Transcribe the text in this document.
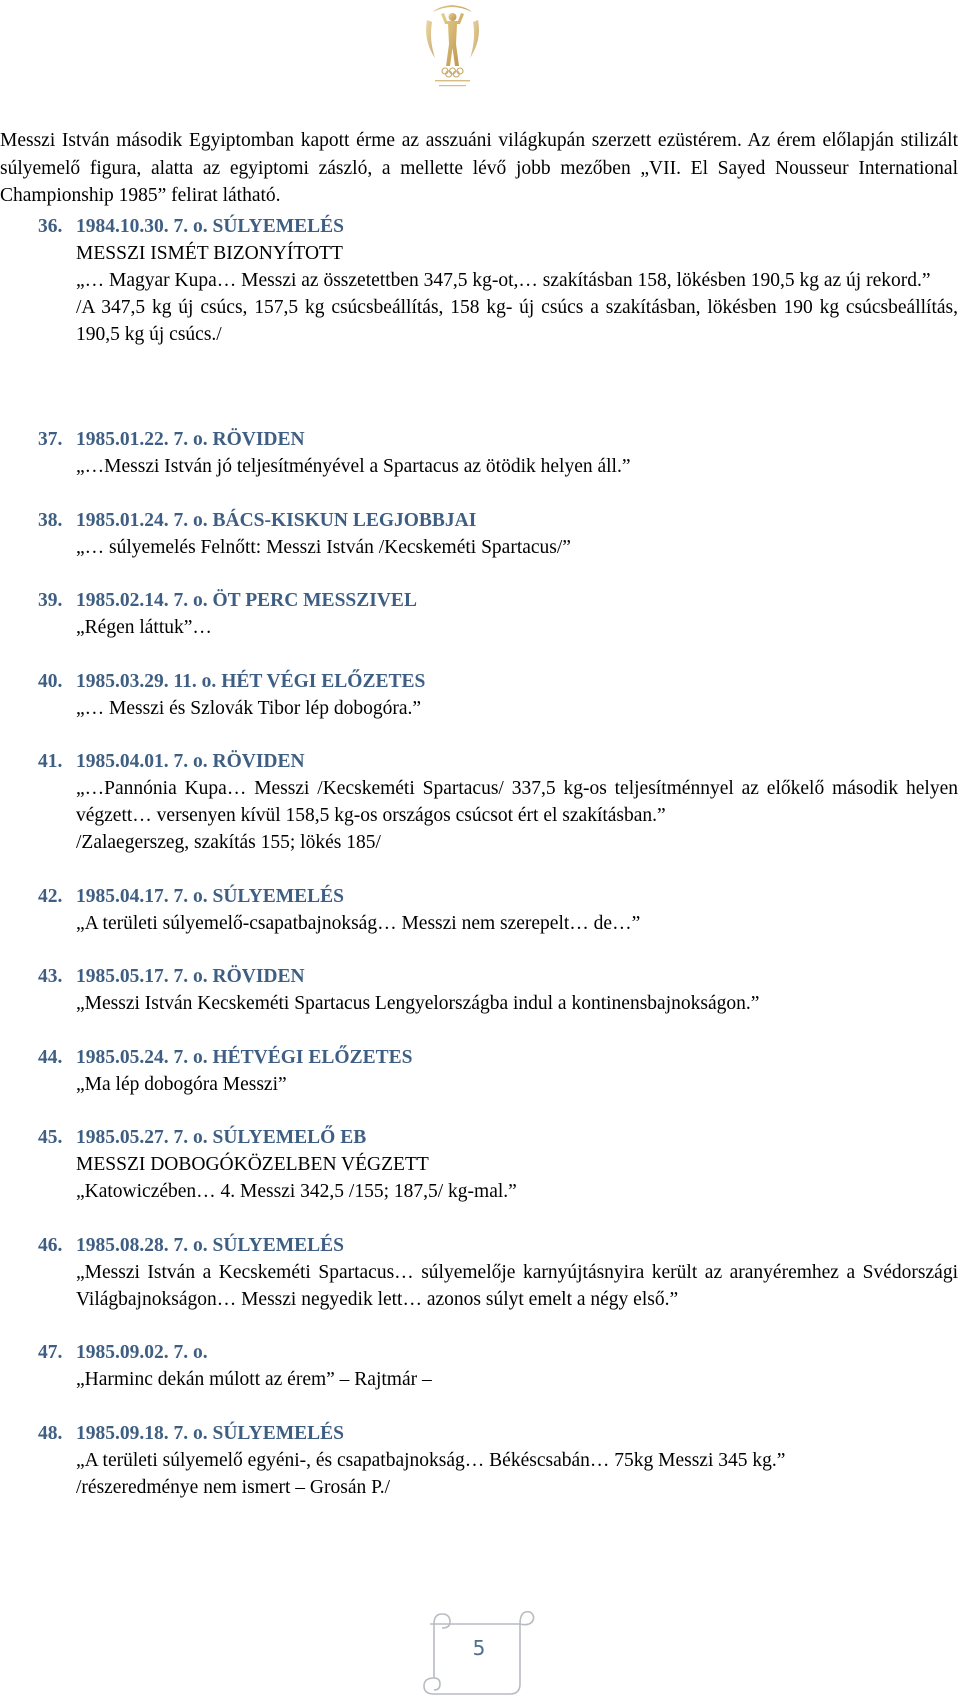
Messzi István második Egyiptomban kapott érme az asszuáni világkupán szerzett ezüstérem. Az érem előlapján stilizált súlyemelő figura, alatta az egyiptomi zászló, a mellette lévő jobb mezőben „VII. El Sayed Nousseur International Championship 1985” felirat látható.
36. 1984.10.30. 7. o. SÚLYEMELÉS

MESSZI ISMÉT BIZONYÍTOTT

„… Magyar Kupa… Messzi az összetettben 347,5 kg-ot,… szakításban 158, lökésben 190,5 kg az új rekord.”

/A 347,5 kg új csúcs, 157,5 kg csúcsbeállítás, 158 kg- új csúcs a szakításban, lökésben 190 kg csúcsbeállítás, 190,5 kg új csúcs./

37. 1985.01.22. 7. o. RÖVIDEN

„…Messzi István jó teljesítményével a Spartacus az ötödik helyen áll.”

38. 1985.01.24. 7. o. BÁCS-KISKUN LEGJOBBJAI

„… súlyemelés Felnőtt: Messzi István /Kecskeméti Spartacus/”

39. 1985.02.14. 7. o. ÖT PERC MESSZIVEL

„Régen láttuk”…

40. 1985.03.29. 11. o. HÉT VÉGI ELŐZETES

„… Messzi és Szlovák Tibor lép dobogóra.”

41. 1985.04.01. 7. o. RÖVIDEN

„…Pannónia Kupa… Messzi /Kecskeméti Spartacus/ 337,5 kg-os teljesítménnyel az előkelő második helyen végzett… versenyen kívül 158,5 kg-os országos csúcsot ért el szakításban.”

/Zalaegerszeg, szakítás 155; lökés 185/

42. 1985.04.17. 7. o. SÚLYEMELÉS

„A területi súlyemelő-csapatbajnokság… Messzi nem szerepelt… de…”

43. 1985.05.17. 7. o. RÖVIDEN

„Messzi István Kecskeméti Spartacus Lengyelországba indul a kontinensbajnokságon.”

44. 1985.05.24. 7. o. HÉTVÉGI ELŐZETES

„Ma lép dobogóra Messzi”

45. 1985.05.27. 7. o. SÚLYEMELŐ EB

MESSZI DOBOGÓKÖZELBEN VÉGZETT

„Katowiczében… 4. Messzi 342,5 /155; 187,5/ kg-mal.”

46. 1985.08.28. 7. o. SÚLYEMELÉS

„Messzi István a Kecskeméti Spartacus… súlyemelője karnyújtásnyira került az aranyéremhez a Svédországi Világbajnokságon… Messzi negyedik lett… azonos súlyt emelt a négy első.”

47. 1985.09.02. 7. o.

„Harminc dekán múlott az érem” – Rajtmár –

48. 1985.09.18. 7. o. SÚLYEMELÉS

„A területi súlyemelő egyéni-, és csapatbajnokság… Békéscsabán… 75kg Messzi 345 kg.”

/részeredménye nem ismert – Grosán P./

5
